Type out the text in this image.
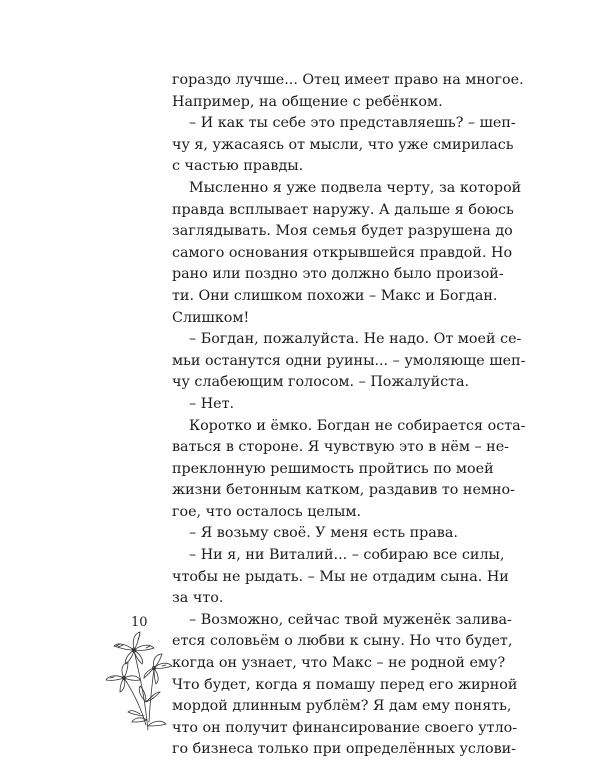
гораздо лучше... Отец имеет право на многое.
Например, на общение с ребёнком.
– И как ты себе это представляешь? – шеп-
чу я, ужасаясь от мысли, что уже смирилась
с частью правды.
Мысленно я уже подвела черту, за которой
правда всплывает наружу. А дальше я боюсь
заглядывать. Моя семья будет разрушена до
самого основания открывшейся правдой. Но
рано или поздно это должно было произой-
ти. Они слишком похожи – Макс и Богдан.
Слишком!
– Богдан, пожалуйста. Не надо. От моей се-
мьи останутся одни руины... – умоляюще шеп-
чу слабеющим голосом. – Пожалуйста.
– Нет.
Коротко и ёмко. Богдан не собирается оста-
ваться в стороне. Я чувствую это в нём – не-
преклонную решимость пройтись по моей
жизни бетонным катком, раздавив то немно-
гое, что осталось целым.
– Я возьму своё. У меня есть права.
– Ни я, ни Виталий... – собираю все силы,
чтобы не рыдать. – Мы не отдадим сына. Ни
за что.
– Возможно, сейчас твой муженёк залива-
ется соловьём о любви к сыну. Но что будет,
когда он узнает, что Макс – не родной ему?
Что будет, когда я помашу перед его жирной
мордой длинным рублём? Я дам ему понять,
что он получит финансирование своего утло-
го бизнеса только при определённых услови-
10
